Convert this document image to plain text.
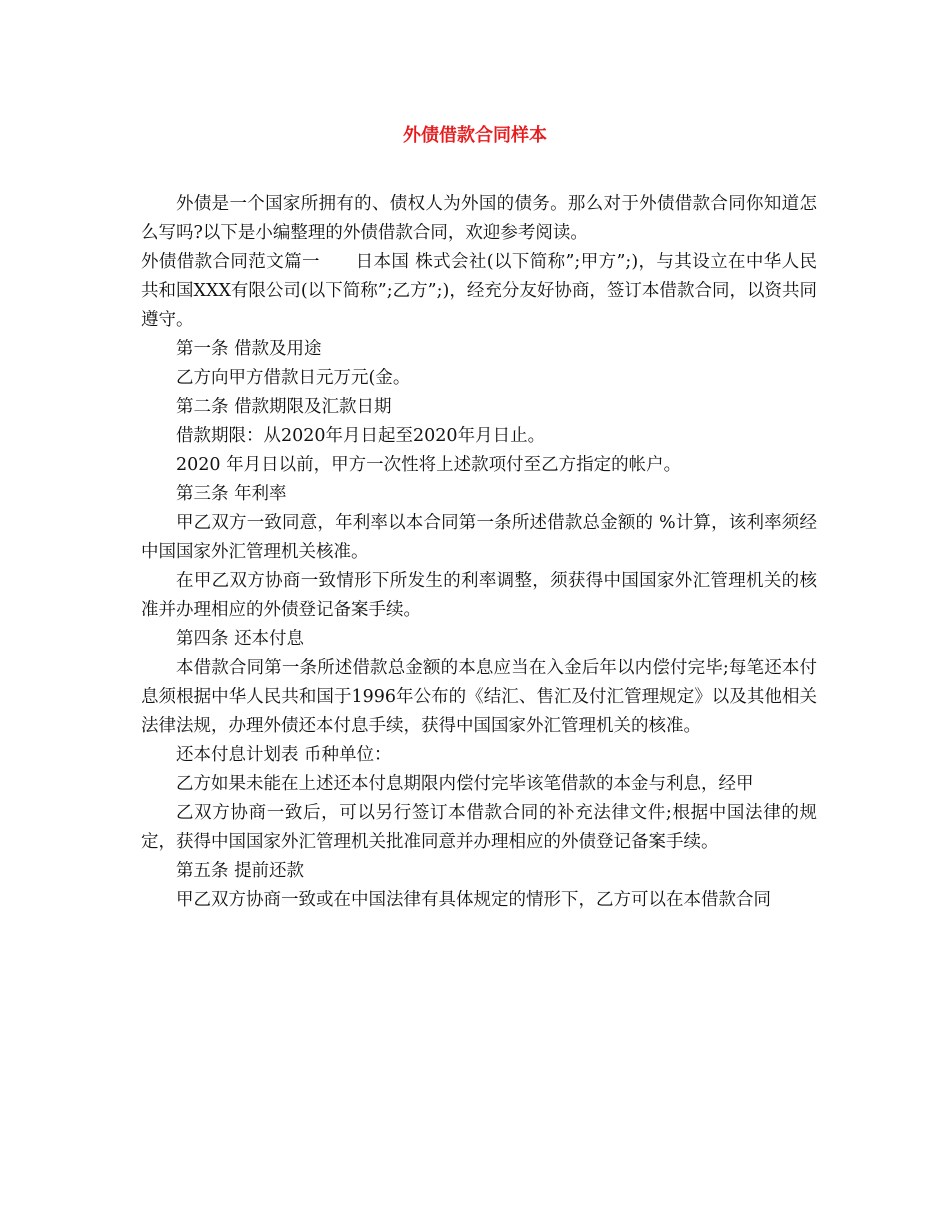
外债借款合同样本

外债是一个国家所拥有的、债权人为外国的债务。那么对于外债借款合同你知道怎么写吗?以下是小编整理的外债借款合同，欢迎参考阅读。

外债借款合同范文篇一　　日本国 株式会社(以下简称”;甲方”;)，与其设立在中华人民共和国XXX有限公司(以下简称”;乙方”;)，经充分友好协商，签订本借款合同，以资共同遵守。

第一条 借款及用途

乙方向甲方借款日元万元(金。

第二条 借款期限及汇款日期

借款期限：从2020年月日起至2020年月日止。

2020 年月日以前，甲方一次性将上述款项付至乙方指定的帐户。

第三条 年利率

甲乙双方一致同意，年利率以本合同第一条所述借款总金额的 %计算，该利率须经中国国家外汇管理机关核准。

在甲乙双方协商一致情形下所发生的利率调整，须获得中国国家外汇管理机关的核准并办理相应的外债登记备案手续。

第四条 还本付息

本借款合同第一条所述借款总金额的本息应当在入金后年以内偿付完毕;每笔还本付息须根据中华人民共和国于1996年公布的《结汇、售汇及付汇管理规定》以及其他相关法律法规，办理外债还本付息手续，获得中国国家外汇管理机关的核准。

还本付息计划表 币种单位：

乙方如果未能在上述还本付息期限内偿付完毕该笔借款的本金与利息，经甲

乙双方协商一致后，可以另行签订本借款合同的补充法律文件;根据中国法律的规定，获得中国国家外汇管理机关批准同意并办理相应的外债登记备案手续。

第五条 提前还款

甲乙双方协商一致或在中国法律有具体规定的情形下，乙方可以在本借款合同
